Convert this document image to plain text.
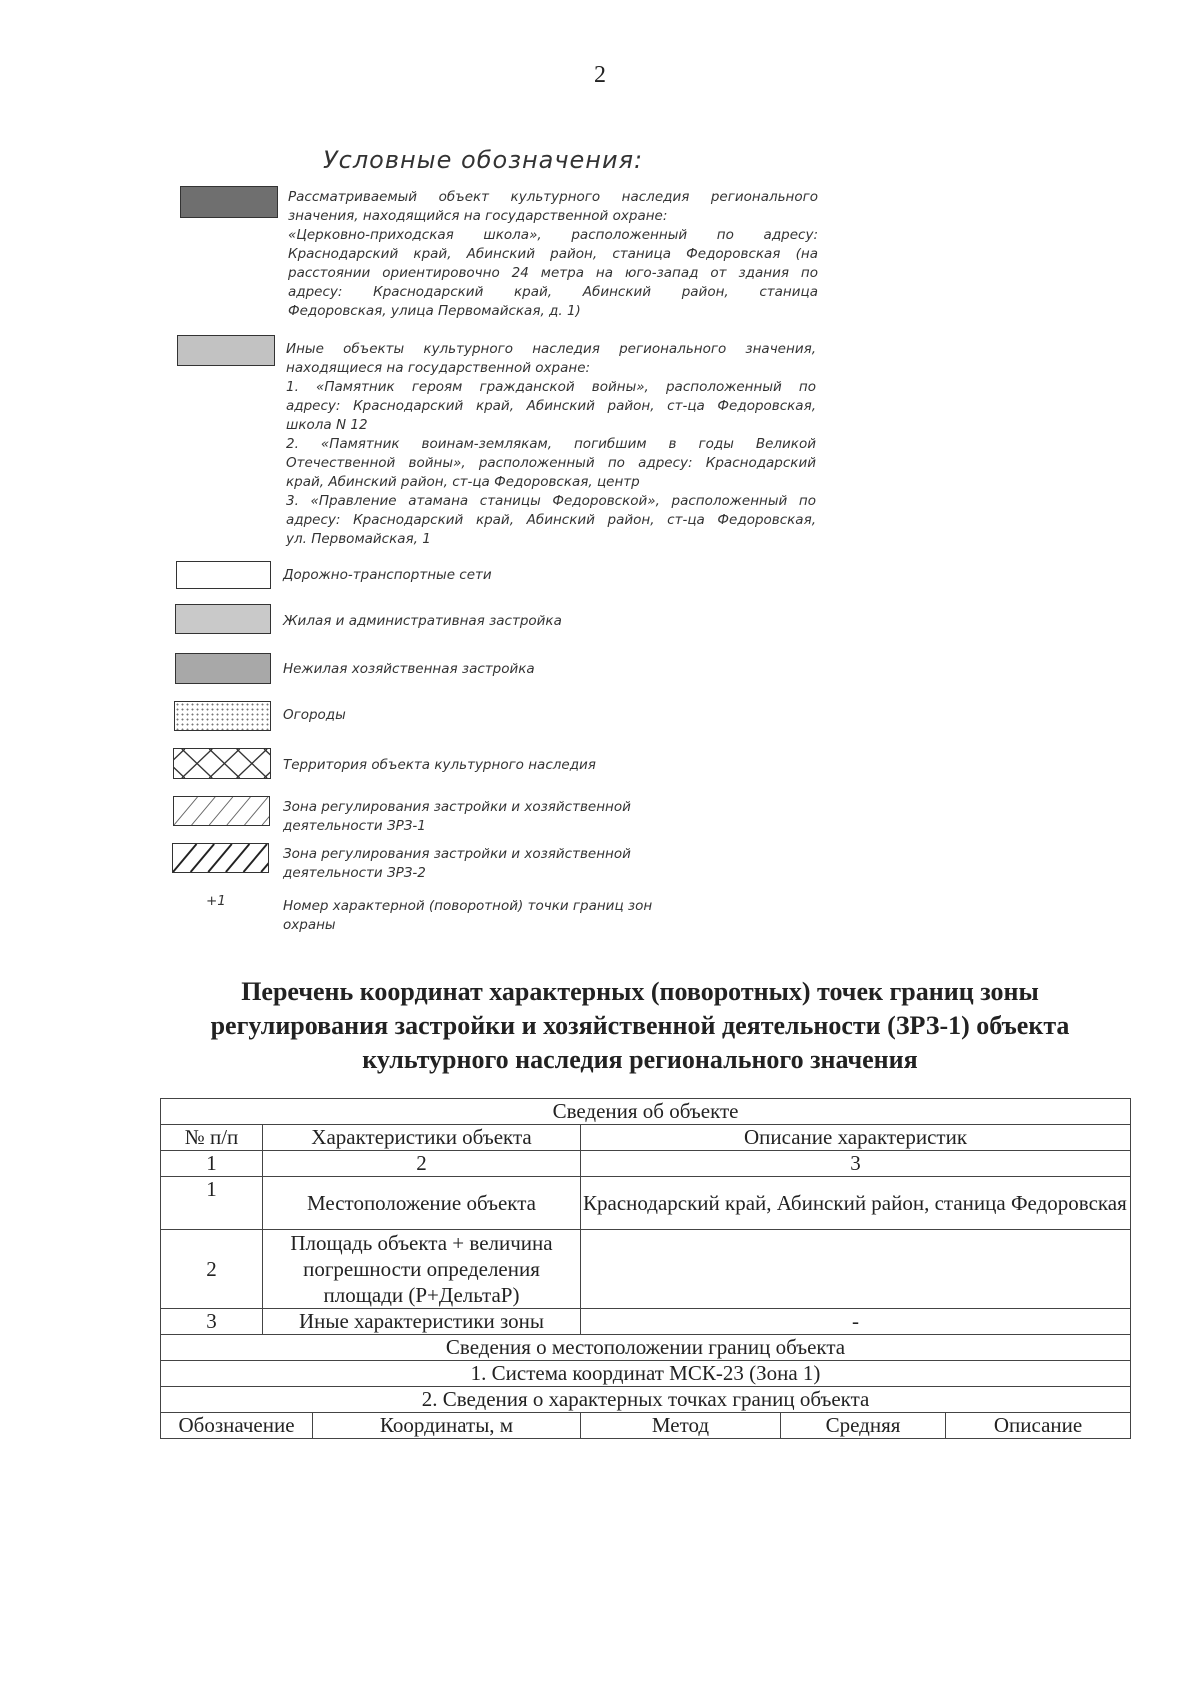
2
Условные обозначения:

Рассматриваемый объект культурного наследия регионального

значения, находящийся на государственной охране:

«Церковно-приходская школа», расположенный по адресу:

Краснодарский край, Абинский район, станица Федоровская (на

расстоянии ориентировочно 24 метра на юго-запад от здания по

адресу: Краснодарский край, Абинский район, станица

Федоровская, улица Первомайская, д. 1)

Иные объекты культурного наследия регионального значения,

находящиеся на государственной охране:

1. «Памятник героям гражданской войны», расположенный по

адресу: Краснодарский край, Абинский район, ст-ца Федоровская,

школа N 12

2. «Памятник воинам-землякам, погибшим в годы Великой

Отечественной войны», расположенный по адресу: Краснодарский

край, Абинский район, ст-ца Федоровская, центр

3. «Правление атамана станицы Федоровской», расположенный по

адресу: Краснодарский край, Абинский район, ст-ца Федоровская,

ул. Первомайская, 1

Дорожно-транспортные сети

Жилая и административная застройка

Нежилая хозяйственная застройка

Огороды

Территория объекта культурного наследия

Зона регулирования застройки и хозяйственной

деятельности ЗРЗ-1

Зона регулирования застройки и хозяйственной

деятельности ЗРЗ-2

+1	Номер характерной (поворотной) точки границ зон

охраны

Перечень координат характерных (поворотных) точек границ зоны
регулирования застройки и хозяйственной деятельности (ЗРЗ-1) объекта
культурного наследия регионального значения
Сведения об объекте					
№ п/п	Характеристики объекта		Описание характеристик		
1	2		3		
1	Местоположение объекта		Краснодарский край, Абинский район, станица Федоровская		
2	Площадь объекта + величина погрешности определения площади (Р+ДельтаР)				
3	Иные характеристики зоны		-		
Сведения о местоположении границ объекта					
1. Система координат МСК-23 (Зона 1)					
2. Сведения о характерных точках границ объекта					
Обозначение		Координаты, м	Метод	Средняя	Описание
